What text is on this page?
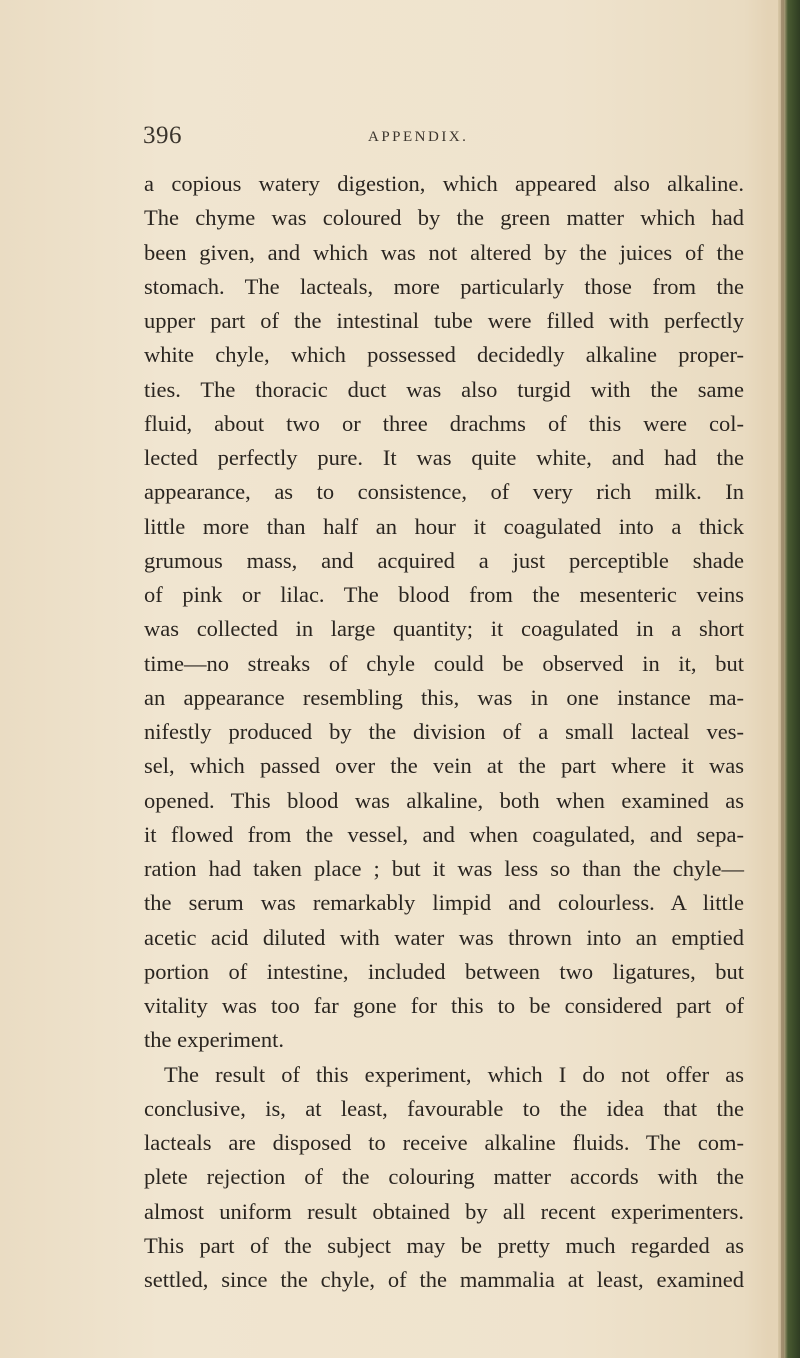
396	APPENDIX.
a copious watery digestion, which appeared also alkaline.
The chyme was coloured by the green matter which had
been given, and which was not altered by the juices of the
stomach. The lacteals, more particularly those from the
upper part of the intestinal tube were filled with perfectly
white chyle, which possessed decidedly alkaline proper-
ties. The thoracic duct was also turgid with the same
fluid, about two or three drachms of this were col-
lected perfectly pure. It was quite white, and had the
appearance, as to consistence, of very rich milk. In
little more than half an hour it coagulated into a thick
grumous mass, and acquired a just perceptible shade
of pink or lilac. The blood from the mesenteric veins
was collected in large quantity; it coagulated in a short
time—no streaks of chyle could be observed in it, but
an appearance resembling this, was in one instance ma-
nifestly produced by the division of a small lacteal ves-
sel, which passed over the vein at the part where it was
opened. This blood was alkaline, both when examined as
it flowed from the vessel, and when coagulated, and sepa-
ration had taken place ; but it was less so than the chyle—
the serum was remarkably limpid and colourless. A little
acetic acid diluted with water was thrown into an emptied
portion of intestine, included between two ligatures, but
vitality was too far gone for this to be considered part of
the experiment.
The result of this experiment, which I do not offer as
conclusive, is, at least, favourable to the idea that the
lacteals are disposed to receive alkaline fluids. The com-
plete rejection of the colouring matter accords with the
almost uniform result obtained by all recent experimenters.
This part of the subject may be pretty much regarded as
settled, since the chyle, of the mammalia at least, examined
